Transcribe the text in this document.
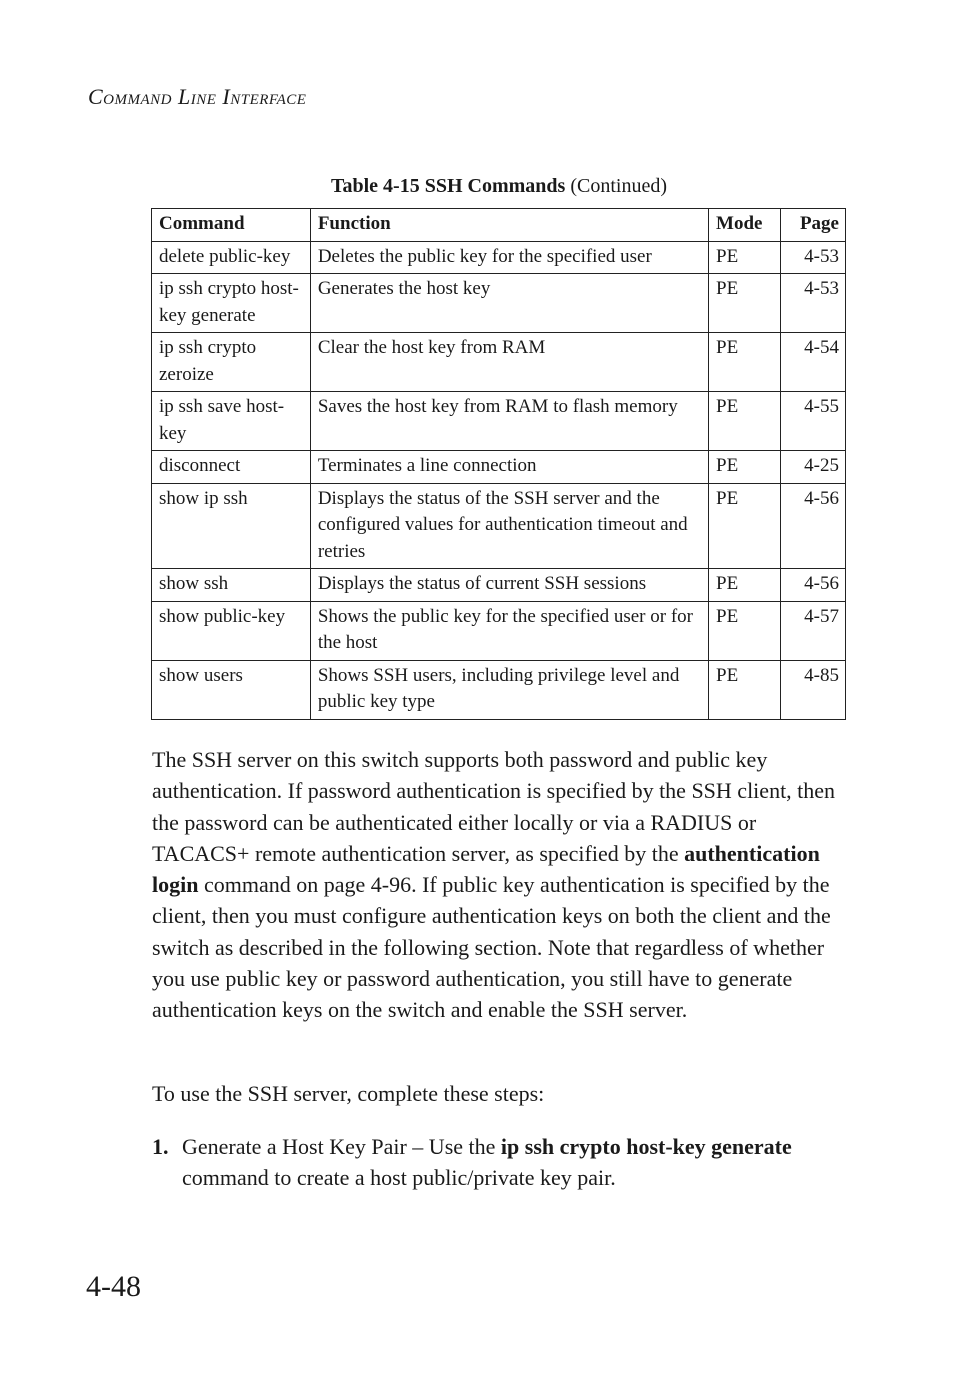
Command Line Interface
Table 4-15 SSH Commands (Continued)
Command	Function	Mode	Page
delete public-key	Deletes the public key for the specified user	PE	4-53
ip ssh crypto host-key generate	Generates the host key	PE	4-53
ip ssh crypto zeroize	Clear the host key from RAM	PE	4-54
ip ssh save host-key	Saves the host key from RAM to flash memory	PE	4-55
disconnect	Terminates a line connection	PE	4-25
show ip ssh	Displays the status of the SSH server and the configured values for authentication timeout and retries	PE	4-56
show ssh	Displays the status of current SSH sessions	PE	4-56
show public-key	Shows the public key for the specified user or for the host	PE	4-57
show users	Shows SSH users, including privilege level and public key type	PE	4-85
The SSH server on this switch supports both password and public key authentication. If password authentication is specified by the SSH client, then the password can be authenticated either locally or via a RADIUS or TACACS+ remote authentication server, as specified by the authentication login command on page 4-96. If public key authentication is specified by the client, then you must configure authentication keys on both the client and the switch as described in the following section. Note that regardless of whether you use public key or password authentication, you still have to generate authentication keys on the switch and enable the SSH server.
To use the SSH server, complete these steps:
1. Generate a Host Key Pair – Use the ip ssh crypto host-key generate command to create a host public/private key pair.
4-48
